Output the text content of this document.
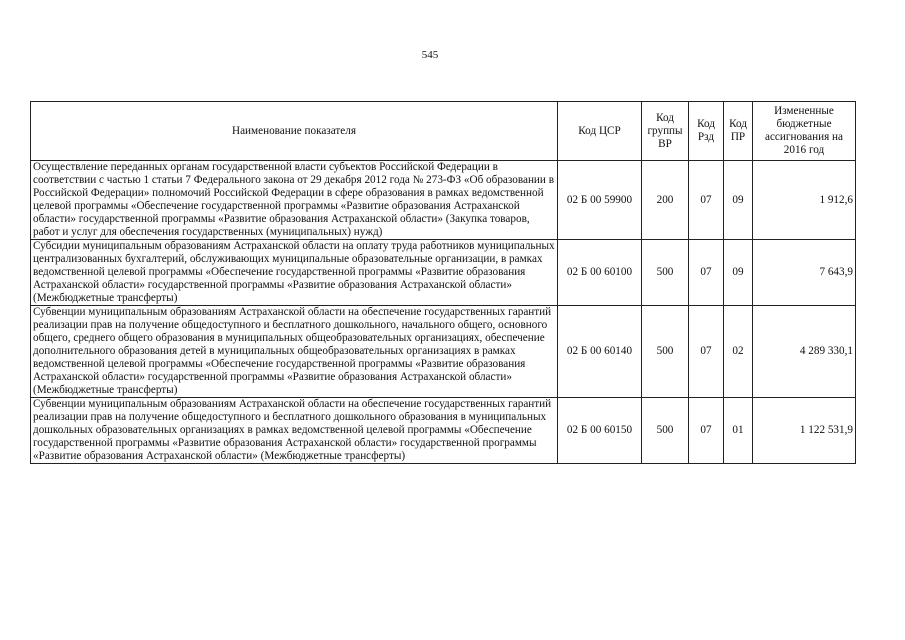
545
Наименование показателя	Код ЦСР	Код группы ВР	Код Рзд	Код ПР	Измененные бюджетные ассигнования на 2016 год
Осуществление переданных органам государственной власти субъектов Российской Федерации в соответствии с частью 1 статьи 7 Федерального закона от 29 декабря 2012 года № 273-ФЗ «Об образовании в Российской Федерации» полномочий Российской Федерации в сфере образования в рамках ведомственной целевой программы «Обеспечение государственной программы «Развитие образования Астраханской области» государственной программы «Развитие образования Астраханской области» (Закупка товаров, работ и услуг для обеспечения государственных (муниципальных) нужд)	02 Б 00 59900	200	07	09	1 912,6
Субсидии муниципальным образованиям Астраханской области на оплату труда работников муниципальных централизованных бухгалтерий, обслуживающих муниципальные образовательные организации, в рамках ведомственной целевой программы «Обеспечение государственной программы «Развитие образования Астраханской области» государственной программы «Развитие образования Астраханской области» (Межбюджетные трансферты)	02 Б 00 60100	500	07	09	7 643,9
Субвенции муниципальным образованиям Астраханской области на обеспечение государственных гарантий реализации прав на получение общедоступного и бесплатного дошкольного, начального общего, основного общего, среднего общего образования в муниципальных общеобразовательных организациях, обеспечение дополнительного образования детей в муниципальных общеобразовательных организациях в рамках ведомственной целевой программы «Обеспечение государственной программы «Развитие образования Астраханской области» государственной программы «Развитие образования Астраханской области» (Межбюджетные трансферты)	02 Б 00 60140	500	07	02	4 289 330,1
Субвенции муниципальным образованиям Астраханской области на обеспечение государственных гарантий реализации прав на получение общедоступного и бесплатного дошкольного образования в муниципальных дошкольных образовательных организациях в рамках ведомственной целевой программы «Обеспечение государственной программы «Развитие образования Астраханской области» государственной программы «Развитие образования Астраханской области» (Межбюджетные трансферты)	02 Б 00 60150	500	07	01	1 122 531,9
